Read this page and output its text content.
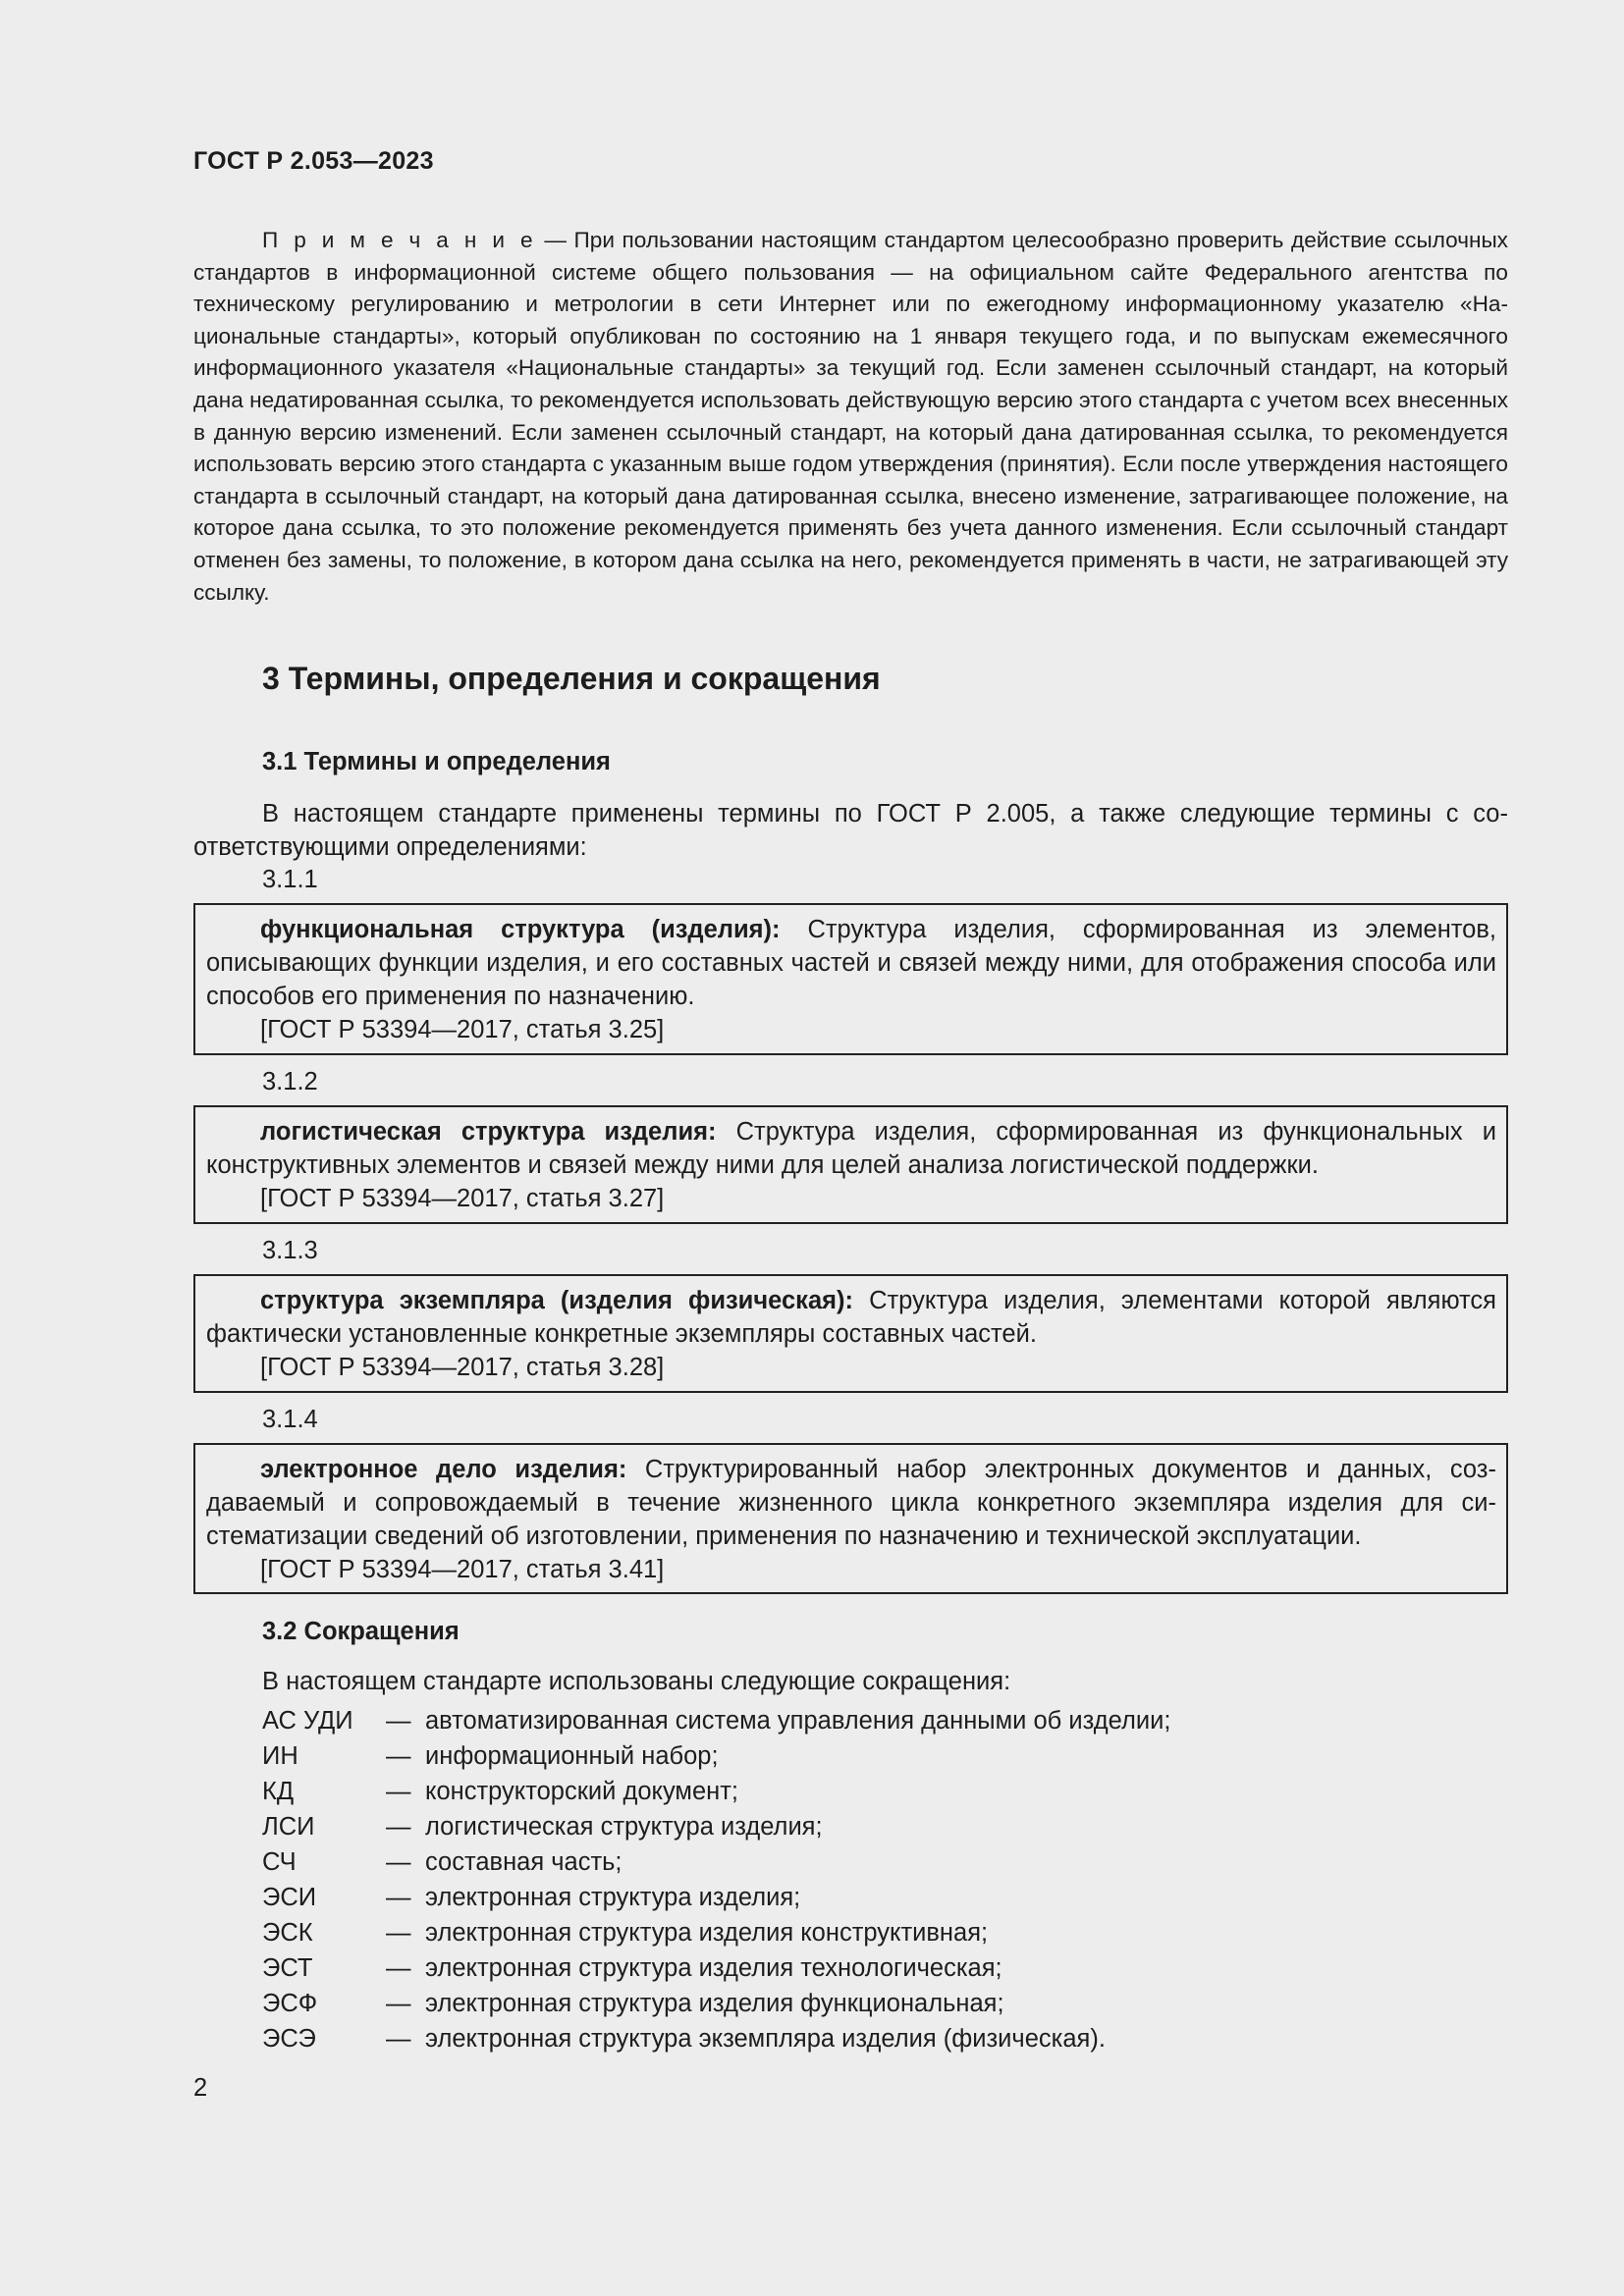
ГОСТ Р 2.053—2023
П р и м е ч а н и е — При пользовании настоящим стандартом целесообразно проверить действие ссылочных стандартов в информационной системе общего пользования — на официальном сайте Федерального агентства по техническому регулированию и метрологии в сети Интернет или по ежегодному информационному указателю «Национальные стандарты», который опубликован по состоянию на 1 января текущего года, и по выпускам ежемесячного информационного указателя «Национальные стандарты» за текущий год. Если заменен ссылочный стандарт, на который дана недатированная ссылка, то рекомендуется использовать действующую версию этого стандарта с учетом всех внесенных в данную версию изменений. Если заменен ссылочный стандарт, на который дана датированная ссылка, то рекомендуется использовать версию этого стандарта с указанным выше годом утверждения (принятия). Если после утверждения настоящего стандарта в ссылочный стандарт, на который дана датированная ссылка, внесено изменение, затрагивающее положение, на которое дана ссылка, то это положение рекомендуется применять без учета данного изменения. Если ссылочный стандарт отменен без замены, то положение, в котором дана ссылка на него, рекомендуется применять в части, не затрагивающей эту ссылку.
3 Термины, определения и сокращения
3.1 Термины и определения
В настоящем стандарте применены термины по ГОСТ Р 2.005, а также следующие термины с соответствующими определениями:
3.1.1
функциональная структура (изделия): Структура изделия, сформированная из элементов, описывающих функции изделия, и его составных частей и связей между ними, для отображения способа или способов его применения по назначению.
[ГОСТ Р 53394—2017, статья 3.25]
3.1.2
логистическая структура изделия: Структура изделия, сформированная из функциональных и конструктивных элементов и связей между ними для целей анализа логистической поддержки.
[ГОСТ Р 53394—2017, статья 3.27]
3.1.3
структура экземпляра (изделия физическая): Структура изделия, элементами которой являются фактически установленные конкретные экземпляры составных частей.
[ГОСТ Р 53394—2017, статья 3.28]
3.1.4
электронное дело изделия: Структурированный набор электронных документов и данных, создаваемый и сопровождаемый в течение жизненного цикла конкретного экземпляра изделия для систематизации сведений об изготовлении, применения по назначению и технической эксплуатации.
[ГОСТ Р 53394—2017, статья 3.41]
3.2 Сокращения
В настоящем стандарте использованы следующие сокращения:
АС УДИ — автоматизированная система управления данными об изделии;
ИН	— информационный набор;
КД	— конструкторский документ;
ЛСИ	— логистическая структура изделия;
СЧ	— составная часть;
ЭСИ	— электронная структура изделия;
ЭСК	— электронная структура изделия конструктивная;
ЭСТ	— электронная структура изделия технологическая;
ЭСФ	— электронная структура изделия функциональная;
ЭСЭ	— электронная структура экземпляра изделия (физическая).
2
